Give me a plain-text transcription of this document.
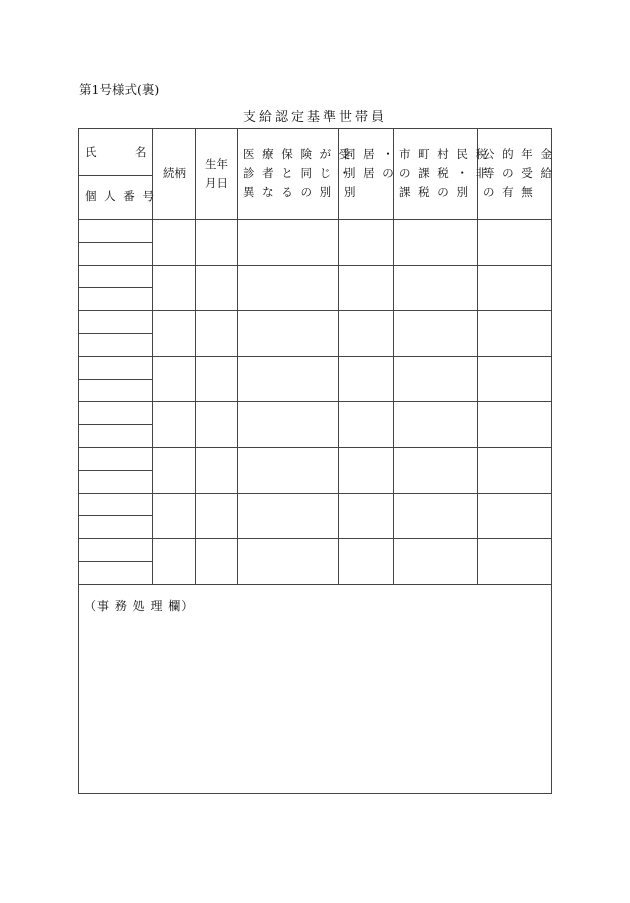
第1号様式(裏)
支給認定基準世帯員
氏　　　名
個 人 番 号
続柄
生年
月日
医 療 保 険 が 受
診 者 と 同 じ ・
異 な る の 別
同 居 ・
別 居 の
別
市 町 村 民 税
の 課 税 ・ 非
課 税 の 別
公 的 年 金
等 の 受 給
の 有 無
（事 務 処 理 欄）
